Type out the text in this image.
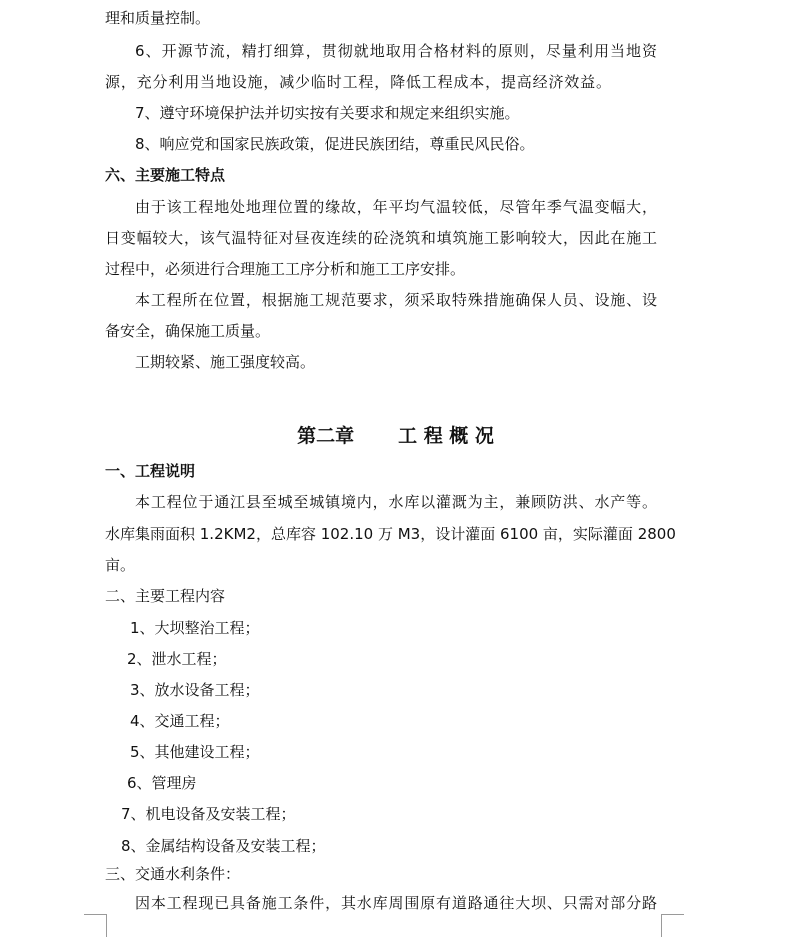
理和质量控制。
6、开源节流，精打细算，贯彻就地取用合格材料的原则，尽量利用当地资
源，充分利用当地设施，减少临时工程，降低工程成本，提高经济效益。
7、遵守环境保护法并切实按有关要求和规定来组织实施。
8、响应党和国家民族政策，促进民族团结，尊重民风民俗。
六、主要施工特点
由于该工程地处地理位置的缘故，年平均气温较低，尽管年季气温变幅大，
日变幅较大，该气温特征对昼夜连续的砼浇筑和填筑施工影响较大，因此在施工
过程中，必须进行合理施工工序分析和施工工序安排。
本工程所在位置，根据施工规范要求，须采取特殊措施确保人员、设施、设
备安全，确保施工质量。
工期较紧、施工强度较高。
第二章 工 程 概 况
一、工程说明
本工程位于通江县至城至城镇境内，水库以灌溉为主，兼顾防洪、水产等。
水库集雨面积 1.2KM2，总库容 102.10 万 M3，设计灌面 6100 亩，实际灌面 2800
亩。
二、主要工程内容
1、大坝整治工程；
2、泄水工程；
3、放水设备工程；
4、交通工程；
5、其他建设工程；
6、管理房
7、机电设备及安装工程；
8、金属结构设备及安装工程；
三、交通水利条件：
因本工程现已具备施工条件，其水库周围原有道路通往大坝、只需对部分路
